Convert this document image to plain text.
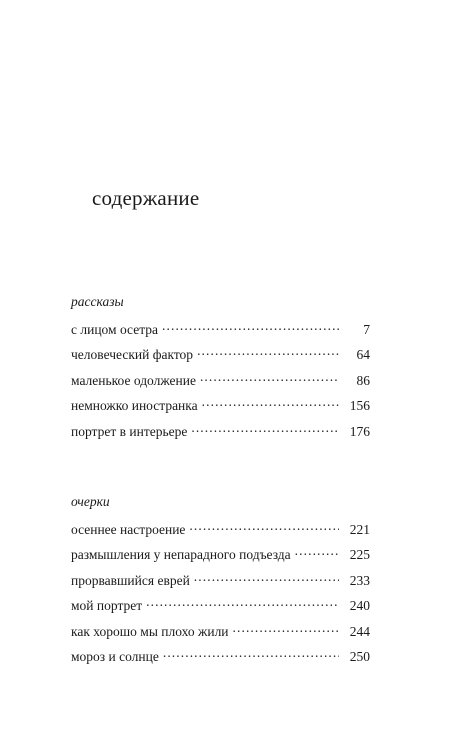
содержание
рассказы
с лицом осетра .....	7
человеческий фактор .....	64
маленькое одолжение .....	86
немножко иностранка .....	156
портрет в интерьере .....	176
очерки
осеннее настроение .....	221
размышления у непарадного подъезда .....	225
прорвавшийся еврей .....	233
мой портрет .....	240
как хорошо мы плохо жили .....	244
мороз и солнце .....	250
